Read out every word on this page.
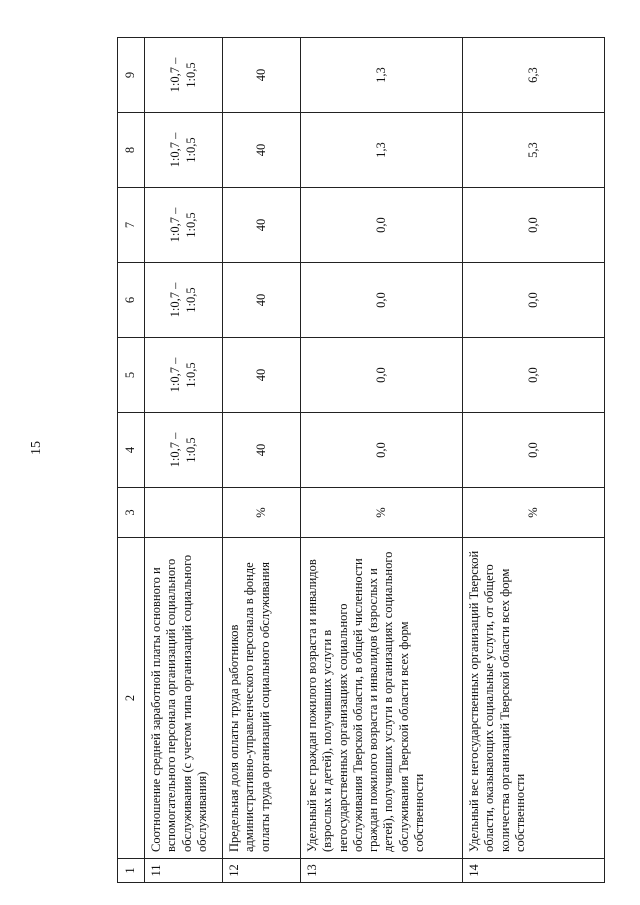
15
1	2	3	4	5	6	7	8	9
11	Соотношение средней заработной платы основного и вспомогательного персонала организаций социального обслуживания (с учетом типа организаций социального обслуживания)		1:0,7 – 1:0,5	1:0,7 – 1:0,5	1:0,7 – 1:0,5	1:0,7 – 1:0,5	1:0,7 – 1:0,5	1:0,7 – 1:0,5

12	Предельная доля оплаты труда работников административно-управленческого персонала в фонде оплаты труда организаций социального обслуживания	%	40	40	40	40	40	40
13	Удельный вес граждан пожилого возраста и инвалидов (взрослых и детей), получивших услуги в негосударственных организациях социального обслуживания Тверской области, в общей численности граждан пожилого возраста и инвалидов (взрослых и детей), получивших услуги в организациях социального обслуживания Тверской области всех форм собственности	%	0,0	0,0	0,0	0,0	1,3	1,3
14	Удельный вес негосударственных организаций Тверской области, оказывающих социальные услуги, от общего количества организаций Тверской области всех форм собственности	%	0,0	0,0	0,0	0,0	5,3	6,3
